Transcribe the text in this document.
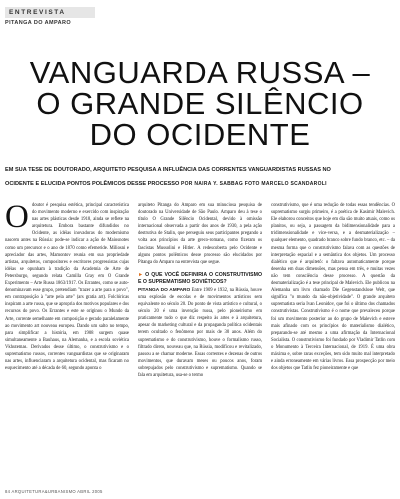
ENTREVISTA
PITANGA DO AMPARO
VANGUARDA RUSSA –
O GRANDE SILÊNCIO
DO OCIDENTE
EM SUA TESE DE DOUTORADO, ARQUITETO PESQUISA A INFLUÊNCIA DAS CORRENTES VANGUARDISTAS RUSSAS NO
OCIDENTE E ELUCIDA PONTOS POLÊMICOS DESSE PROCESSO POR NAIRA Y. SABBAG FOTO MARCELO SCANDAROLI
O doutor é pesquisa estética, principal característica do movimento moderno e exercido com inspiração nas artes plásticas desde 1918, ainda se reflete na arquitetura. Embora bastante difundidos no Ocidente, as idéias inovadoras do modernismo nascem antes na Rússia: pode-se indicar a ação de Maiosnotes como um precursor e o ano de 1870 como efemeride. Miliosni e apreciador das artes, Mamontov reunia em sua propriedade artistas, arquitetos, compositores e escritores progressistas cujas idéias se opunham à tradição da Academia de Arte de Petersburgo, segundo relata Camilla Gray em O Grande Experimento – Arte Russa 1863/1917. Os Errantes, como se auto-denominavam esse grupo, pretendiam "trazer a arte para o povo", em contraposição à "arte pela arte" (ars gratia art). Folclóricas inspiram a arte russa, que se apropria dos motivos populares e dos recursos do povo. Os Errantes e este se originou o Mundo da Arte, corrente semelhante em composição e gerado paralelamente ao movimento art nouveau europeu. Dando um salto no tempo, para simplificar a história, em 1908 surgem quase simultaneamente a Bauhaus, na Alemanha, e a escola soviética Vkhutemas. Derivados desse último, o construtivismo e o suprematismo russos, correntes vanguardistas que se originaram nas artes, influenciaram a arquitetura ocidental, mas ficaram no esquecimento até a década de 60, segundo aponta o

arquiteto Pitanga do Amparo em sua minuciosa pesquisa de doutorado na Universidade de São Paulo. Amparo deu à tese o título O Grande Silêncio Ocidental, devido à omissão internacional observada a partir dos anos de 1930, a pela ação destrutiva de Stalin, que perseguiu seus participantes pregando a volta aos princípios da arte greco-romana, como fizeram os fascistas Mussolini e Hitler. A redescoberta pelo Ocidente e alguns pontos polêmicos desse processo são elucidados por Pitanga do Amparo na entrevista que segue.

► O QUE VOCÊ DEFINIRIA O CONSTRUTIVISMO E O SUPREMATISMO SOVIÉTICOS?

PITANGA DO AMPARO Entre 1909 e 1932, na Rússia, houve uma explosão de escolas e de movimentos artísticos sem equivalente no século 20. Do ponto de vista artístico e cultural, o século 20 é uma invenção russa, pelo pioneirismo em praticamente tudo o que diz respeito às artes e à arquitetura, apesar do marketing cultural e da propaganda política ocidentais terem ocultado o fenômeno por mais de 30 anos. Além do suprematismo e do construtivismo, houve o formalismo russo, filtrado direto, nouveau que, na Rússia, modificou e revitalizado, passou a se chamar moderne. Essas correntes e dezenas de outros movimentos, que duravam meses ou poucos anos, foram sobrepujados pelo construtivismo e suprematismo. Quando se fala em arquitetura, usa-se o termo

construtivismo, que é uma redução de todas essas tendências. O suprematismo surgiu primeiro, é a poética de Kasimir Malevich. Ele elaborou conceitos que hoje em dia são muito atuais, como os planitos, ou seja, a passagem da bidimensionalidade para a tridimensionalidade e vice-versa, e a desmaterialização – qualquer elemento, quadrado branco sobre fundo branco, etc. – da mesma forma que o construtivismo falava com as questões de interpretação espacial e a semântica dos objetos. Um processo dialético que é arquitetô: o faltava automaticamente porque desenha em duas dimensões, mas pensa em três, e muitas vezes não tem consciência desse processo. A questão da desmaterialização é a tese principal de Malevich. Ele publicou na Alemanha um livro chamado Die Gegenstandslose Welt, que significa "o mundo da não-objetividade". O grande arquiteto suprematista seria Ivan Leonidov, que foi o último dos chamados construtivistas. Construtivismo é o nome que prevaleceu porque foi um movimento posterior ao do grupo de Malevich e esteve mais afinado com os princípios do materialismo dialético, preparando-se até mesmo a uma afirmação da Internacional Socialista. O construtivismo foi fundado por Vladimir Tatlin com o Monumento à Terceira Internacional, de 1919. É uma obra máxima e, sobre raras exceções, tem sido muito mal interpretado e ainda erroneamente em várias livros. Essa prospecção por meio dos objetos que Tatlin fez pioneiramente e que

84 ARQUITETURA&URBANISMO ABRIL 2005
